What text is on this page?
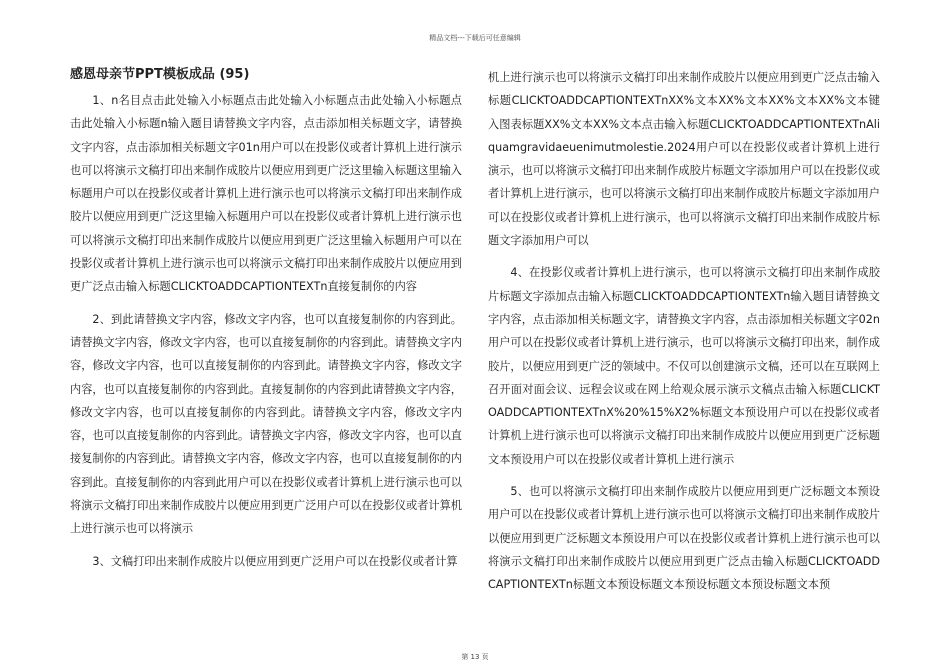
精品文档---下载后可任意编辑
感恩母亲节PPT模板成品 (95)

1、n名目点击此处输入小标题点击此处输入小标题点击此处输入小标题点击此处输入小标题n输入题目请替换文字内容，点击添加相关标题文字，请替换文字内容，点击添加相关标题文字01n用户可以在投影仪或者计算机上进行演示也可以将演示文稿打印出来制作成胶片以便应用到更广泛这里输入标题这里输入标题用户可以在投影仪或者计算机上进行演示也可以将演示文稿打印出来制作成胶片以便应用到更广泛这里输入标题用户可以在投影仪或者计算机上进行演示也可以将演示文稿打印出来制作成胶片以便应用到更广泛这里输入标题用户可以在投影仪或者计算机上进行演示也可以将演示文稿打印出来制作成胶片以便应用到更广泛点击输入标题CLICKTOADDCAPTIONTEXTn直接复制你的内容

2、到此请替换文字内容，修改文字内容，也可以直接复制你的内容到此。请替换文字内容，修改文字内容，也可以直接复制你的内容到此。请替换文字内容，修改文字内容，也可以直接复制你的内容到此。请替换文字内容，修改文字内容，也可以直接复制你的内容到此。直接复制你的内容到此请替换文字内容，修改文字内容，也可以直接复制你的内容到此。请替换文字内容，修改文字内容，也可以直接复制你的内容到此。请替换文字内容，修改文字内容，也可以直接复制你的内容到此。请替换文字内容，修改文字内容，也可以直接复制你的内容到此。直接复制你的内容到此用户可以在投影仪或者计算机上进行演示也可以将演示文稿打印出来制作成胶片以便应用到更广泛用户可以在投影仪或者计算机上进行演示也可以将演示

3、文稿打印出来制作成胶片以便应用到更广泛用户可以在投影仪或者计算

机上进行演示也可以将演示文稿打印出来制作成胶片以便应用到更广泛点击输入标题CLICKTOADDCAPTIONTEXTnXX%文本XX%文本XX%文本XX%文本键入图表标题XX%文本XX%文本点击输入标题CLICKTOADDCAPTIONTEXTnAliquamgravidaeuenimutmolestie.2024用户可以在投影仪或者计算机上进行演示，也可以将演示文稿打印出来制作成胶片标题文字添加用户可以在投影仪或者计算机上进行演示，也可以将演示文稿打印出来制作成胶片标题文字添加用户可以在投影仪或者计算机上进行演示，也可以将演示文稿打印出来制作成胶片标题文字添加用户可以

4、在投影仪或者计算机上进行演示，也可以将演示文稿打印出来制作成胶片标题文字添加点击输入标题CLICKTOADDCAPTIONTEXTn输入题目请替换文字内容，点击添加相关标题文字，请替换文字内容，点击添加相关标题文字02n用户可以在投影仪或者计算机上进行演示，也可以将演示文稿打印出来，制作成胶片，以便应用到更广泛的领域中。不仅可以创建演示文稿，还可以在互联网上召开面对面会议、远程会议或在网上给观众展示演示文稿点击输入标题CLICKTOADDCAPTIONTEXTnX%20%15%X2%标题文本预设用户可以在投影仪或者计算机上进行演示也可以将演示文稿打印出来制作成胶片以便应用到更广泛标题文本预设用户可以在投影仪或者计算机上进行演示

5、也可以将演示文稿打印出来制作成胶片以便应用到更广泛标题文本预设用户可以在投影仪或者计算机上进行演示也可以将演示文稿打印出来制作成胶片以便应用到更广泛标题文本预设用户可以在投影仪或者计算机上进行演示也可以将演示文稿打印出来制作成胶片以便应用到更广泛点击输入标题CLICKTOADDCAPTIONTEXTn标题文本预设标题文本预设标题文本预设标题文本预

第 13 页
